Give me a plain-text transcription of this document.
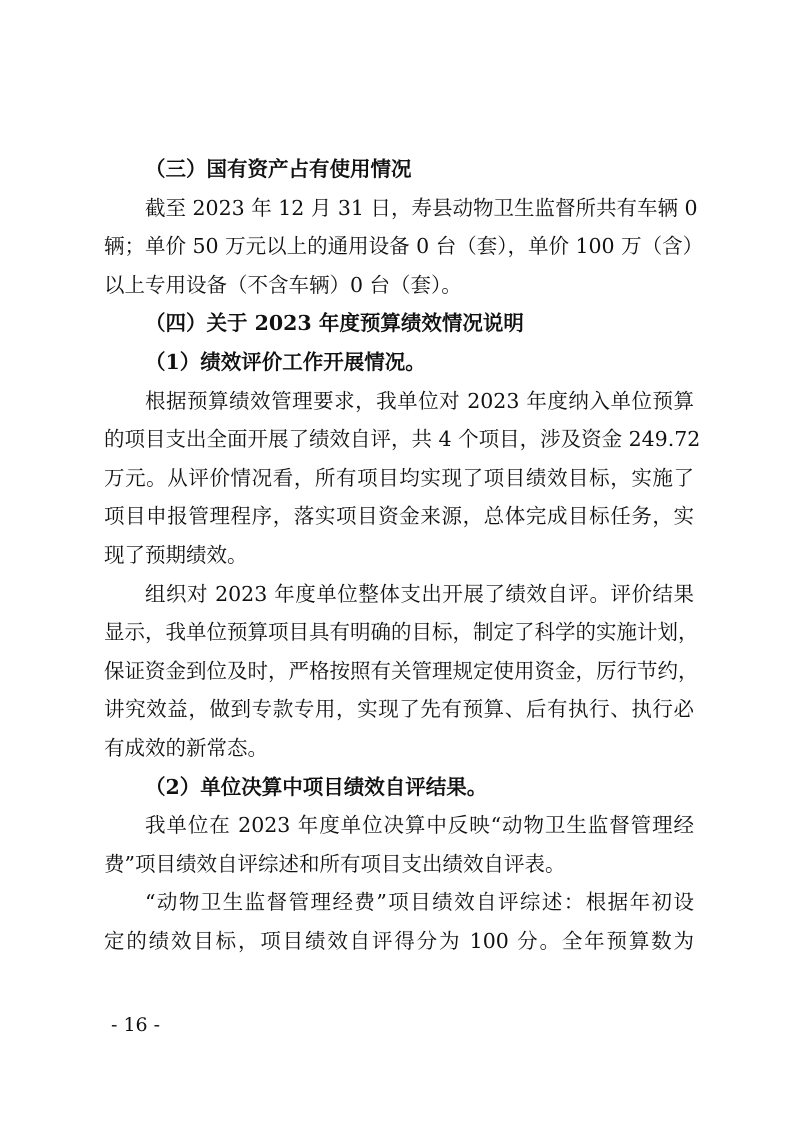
（三）国有资产占有使用情况
截至 2023 年 12 月 31 日，寿县动物卫生监督所共有车辆 0
辆；单价 50 万元以上的通用设备 0 台（套），单价 100 万（含）
以上专用设备（不含车辆）0 台（套）。
（四）关于 2023 年度预算绩效情况说明
（1）绩效评价工作开展情况。
根据预算绩效管理要求，我单位对 2023 年度纳入单位预算
的项目支出全面开展了绩效自评，共 4 个项目，涉及资金 249.72
万元。从评价情况看，所有项目均实现了项目绩效目标，实施了
项目申报管理程序，落实项目资金来源，总体完成目标任务，实
现了预期绩效。
组织对 2023 年度单位整体支出开展了绩效自评。评价结果
显示，我单位预算项目具有明确的目标，制定了科学的实施计划，
保证资金到位及时，严格按照有关管理规定使用资金，厉行节约，
讲究效益，做到专款专用，实现了先有预算、后有执行、执行必
有成效的新常态。
（2）单位决算中项目绩效自评结果。
我单位在 2023 年度单位决算中反映“动物卫生监督管理经
费”项目绩效自评综述和所有项目支出绩效自评表。
“动物卫生监督管理经费”项目绩效自评综述：根据年初设
定的绩效目标，项目绩效自评得分为 100 分。全年预算数为
- 16 -
